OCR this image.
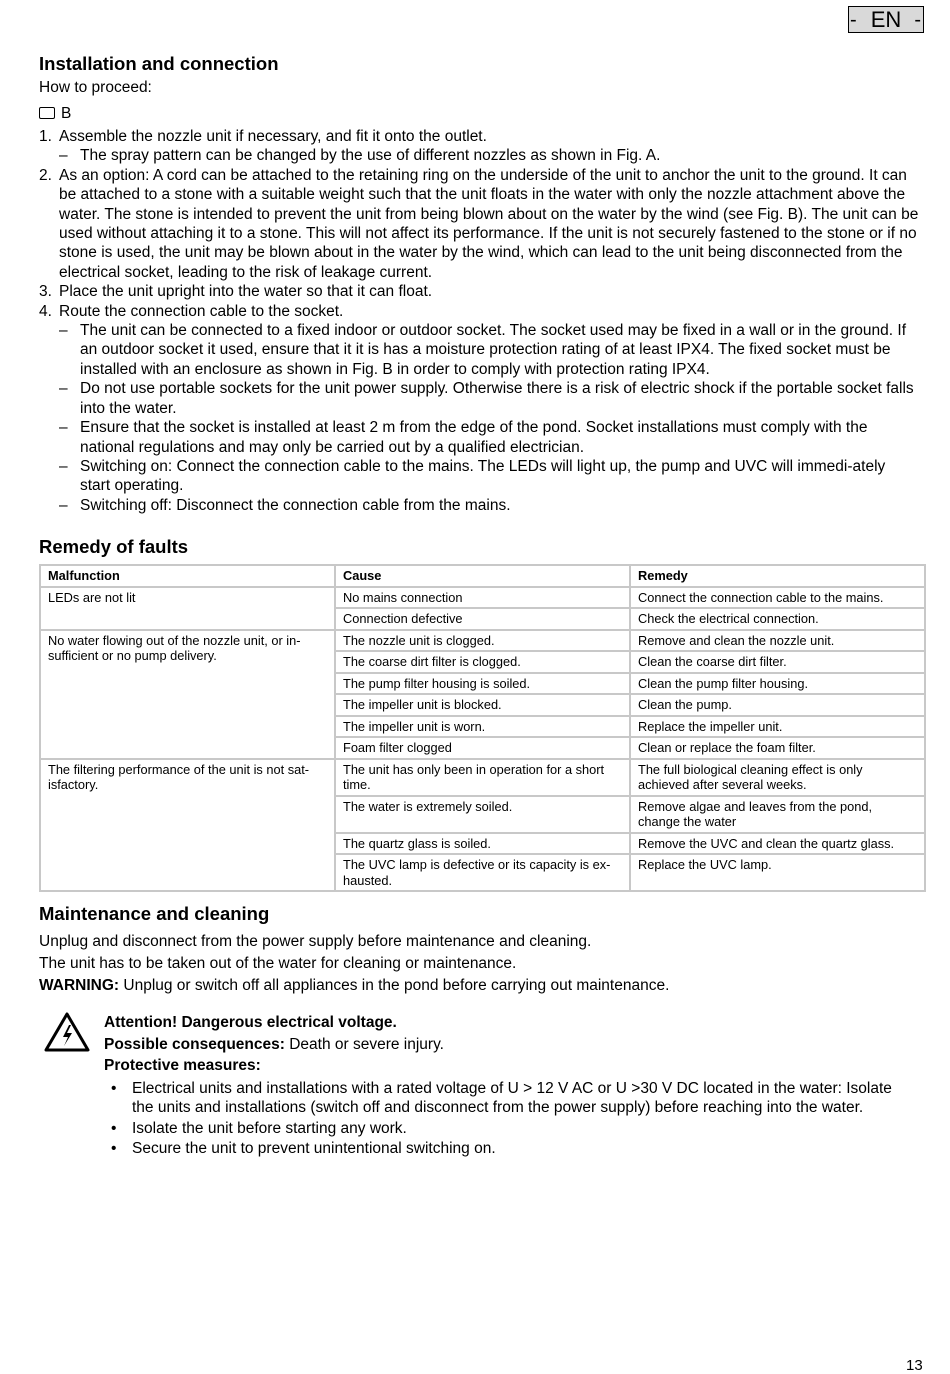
- EN -
Installation and connection
How to proceed:
B
1. Assemble the nozzle unit if necessary, and fit it onto the outlet.
– The spray pattern can be changed by the use of different nozzles as shown in Fig. A.
2. As an option: A cord can be attached to the retaining ring on the underside of the unit to anchor the unit to the ground. It can be attached to a stone with a suitable weight such that the unit floats in the water with only the nozzle attachment above the water. The stone is intended to prevent the unit from being blown about on the water by the wind (see Fig. B). The unit can be used without attaching it to a stone. This will not affect its performance. If the unit is not securely fastened to the stone or if no stone is used, the unit may be blown about in the water by the wind, which can lead to the unit being disconnected from the electrical socket, leading to the risk of leakage current.
3. Place the unit upright into the water so that it can float.
4. Route the connection cable to the socket.
– The unit can be connected to a fixed indoor or outdoor socket. The socket used may be fixed in a wall or in the ground. If an outdoor socket it used, ensure that it it is has a moisture protection rating of at least IPX4. The fixed socket must be installed with an enclosure as shown in Fig. B in order to comply with protection rating IPX4.
– Do not use portable sockets for the unit power supply. Otherwise there is a risk of electric shock if the portable socket falls into the water.
– Ensure that the socket is installed at least 2 m from the edge of the pond. Socket installations must comply with the national regulations and may only be carried out by a qualified electrician.
– Switching on: Connect the connection cable to the mains. The LEDs will light up, the pump and UVC will immedi-ately start operating.
– Switching off: Disconnect the connection cable from the mains.
Remedy of faults
Malfunction	Cause	Remedy
LEDs are not lit	No mains connection	Connect the connection cable to the mains.
	Connection defective	Check the electrical connection.
No water flowing out of the nozzle unit, or in-sufficient or no pump delivery.	The nozzle unit is clogged.	Remove and clean the nozzle unit.
	The coarse dirt filter is clogged.	Clean the coarse dirt filter.
	The pump filter housing is soiled.	Clean the pump filter housing.
	The impeller unit is blocked.	Clean the pump.
	The impeller unit is worn.	Replace the impeller unit.
	Foam filter clogged	Clean or replace the foam filter.
The filtering performance of the unit is not sat-isfactory.	The unit has only been in operation for a short time.	The full biological cleaning effect is only achieved after several weeks.
	The water is extremely soiled.	Remove algae and leaves from the pond, change the water
	The quartz glass is soiled.	Remove the UVC and clean the quartz glass.
	The UVC lamp is defective or its capacity is ex-hausted.	Replace the UVC lamp.
Maintenance and cleaning
Unplug and disconnect from the power supply before maintenance and cleaning.
The unit has to be taken out of the water for cleaning or maintenance.
WARNING: Unplug or switch off all appliances in the pond before carrying out maintenance.
Attention! Dangerous electrical voltage.
Possible consequences: Death or severe injury.
Protective measures:
• Electrical units and installations with a rated voltage of U > 12 V AC or U >30 V DC located in the water: Isolate the units and installations (switch off and disconnect from the power supply) before reaching into the water.
• Isolate the unit before starting any work.
• Secure the unit to prevent unintentional switching on.
13
